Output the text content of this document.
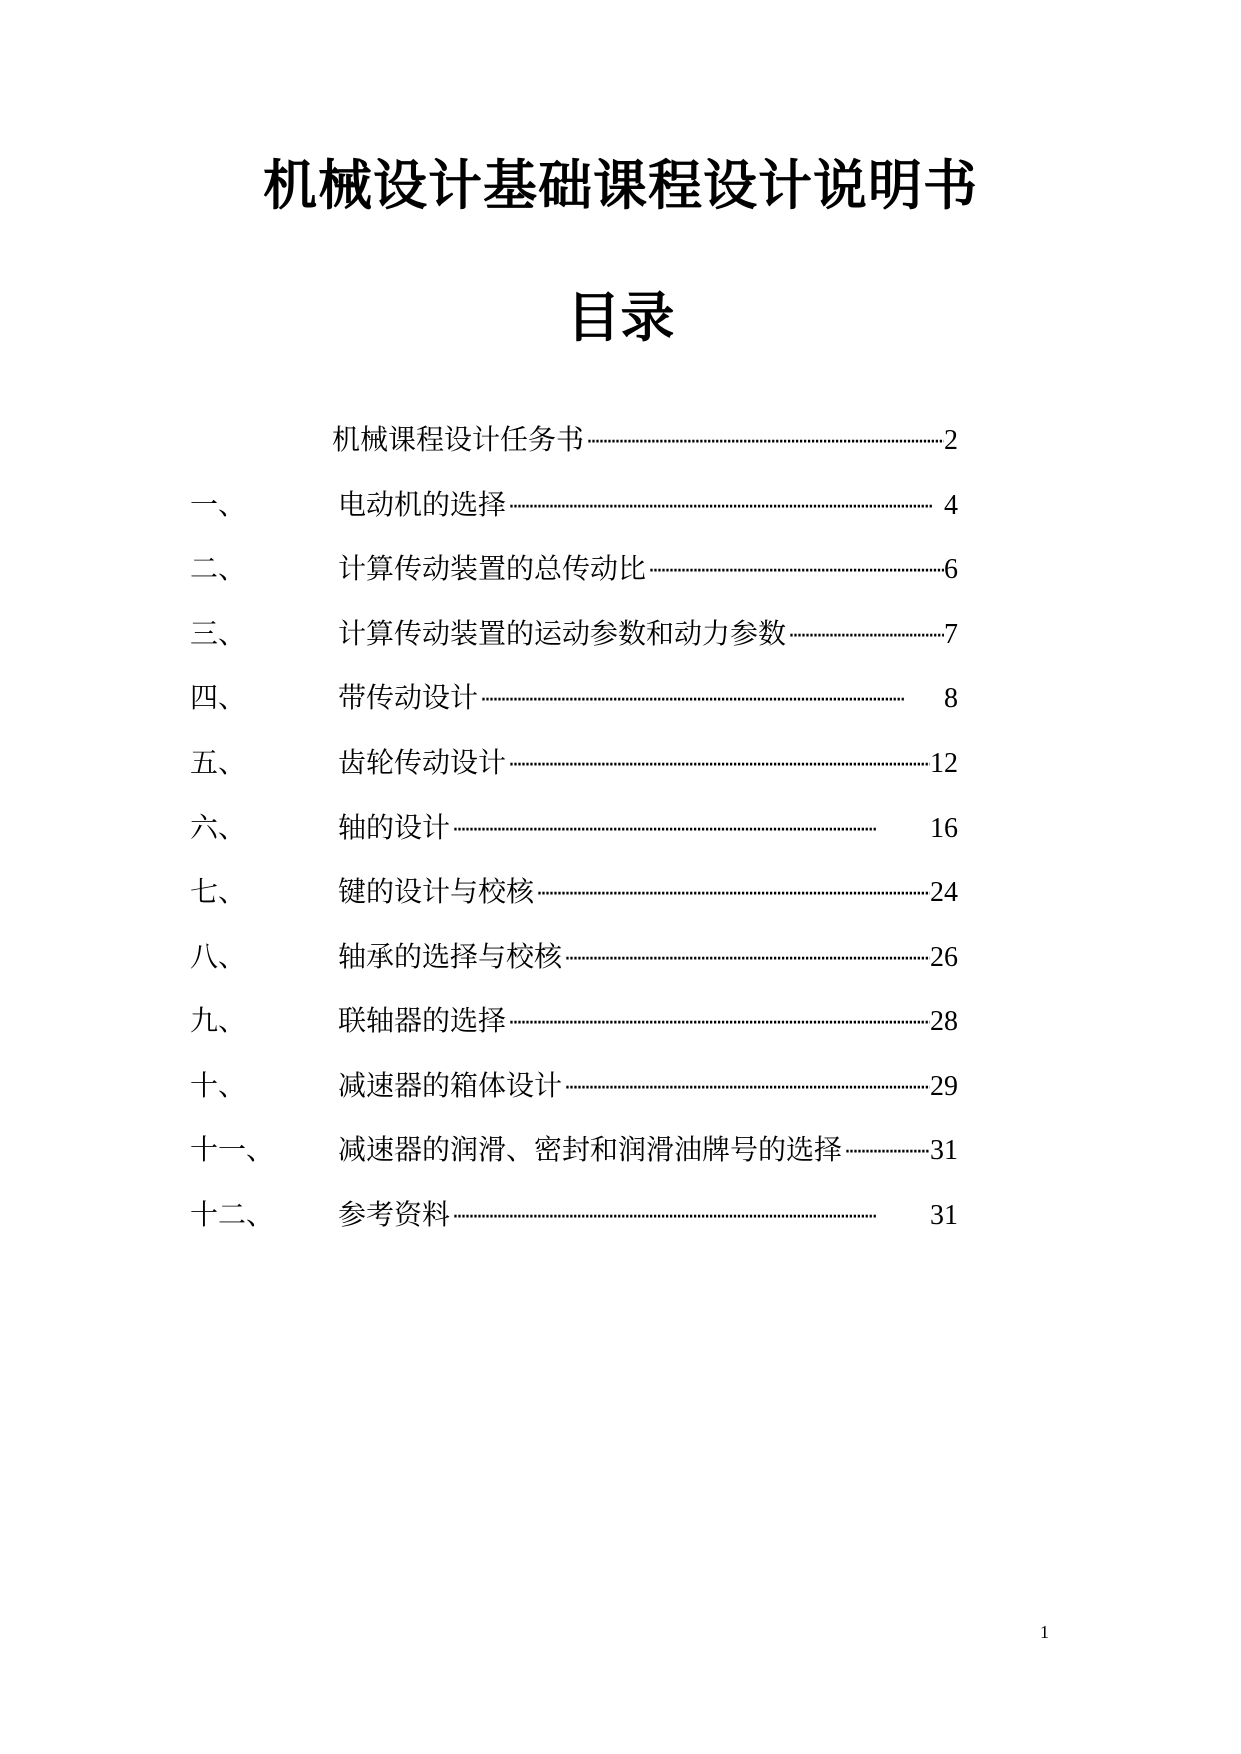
机械设计基础课程设计说明书
目录
机械课程设计任务书 ·····	2
一、	电动机的选择 ·····	4
二、	计算传动装置的总传动比 ·····	6
三、	计算传动装置的运动参数和动力参数 ·····	7
四、	带传动设计 ·····	8
五、	齿轮传动设计 ·····	12
六、	轴的设计 ·····	16
七、	键的设计与校核 ·····	24
八、	轴承的选择与校核 ·····	26
九、	联轴器的选择 ·····	28
十、	减速器的箱体设计 ·····	29
十一、 减速器的润滑、密封和润滑油牌号的选择 ·····	31
十二、 参考资料 ·····	31
1
